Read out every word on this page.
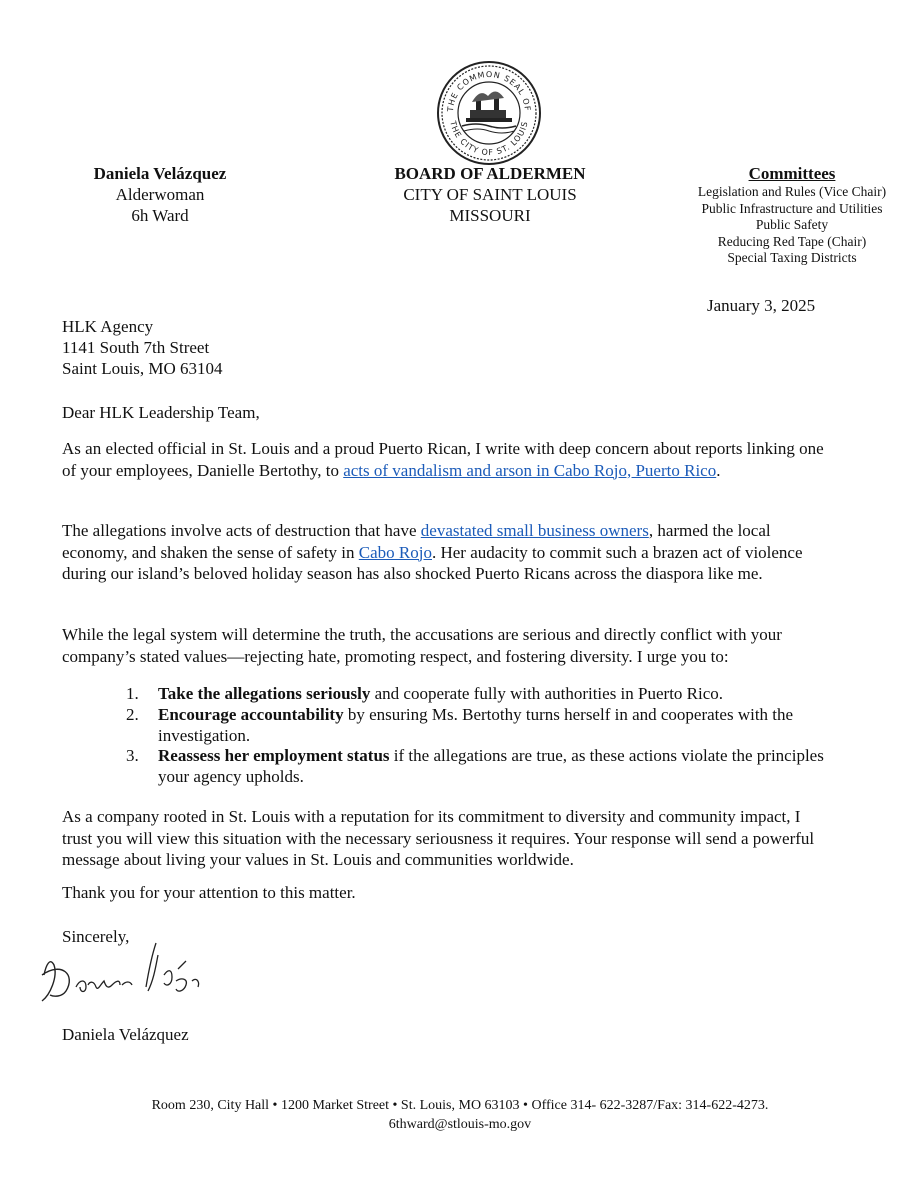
THE COMMON SEAL OF
THE CITY OF ST. LOUIS
Daniela Velázquez
Alderwoman
6h Ward
BOARD OF ALDERMEN
CITY OF SAINT LOUIS
MISSOURI
Committees
Legislation and Rules (Vice Chair)
Public Infrastructure and Utilities
Public Safety
Reducing Red Tape (Chair)
Special Taxing Districts
January 3, 2025
HLK Agency
1141 South 7th Street
Saint Louis, MO 63104
Dear HLK Leadership Team,
As an elected official in St. Louis and a proud Puerto Rican, I write with deep concern about reports linking one of your employees, Danielle Bertothy, to acts of vandalism and arson in Cabo Rojo, Puerto Rico.
The allegations involve acts of destruction that have devastated small business owners, harmed the local economy, and shaken the sense of safety in Cabo Rojo. Her audacity to commit such a brazen act of violence during our island’s beloved holiday season has also shocked Puerto Ricans across the diaspora like me.
While the legal system will determine the truth, the accusations are serious and directly conflict with your company’s stated values—rejecting hate, promoting respect, and fostering diversity. I urge you to:
1.	Take the allegations seriously and cooperate fully with authorities in Puerto Rico.
2.	Encourage accountability by ensuring Ms. Bertothy turns herself in and cooperates with the investigation.
3.	Reassess her employment status if the allegations are true, as these actions violate the principles your agency upholds.
As a company rooted in St. Louis with a reputation for its commitment to diversity and community impact, I trust you will view this situation with the necessary seriousness it requires. Your response will send a powerful message about living your values in St. Louis and communities worldwide.
Thank you for your attention to this matter.
Sincerely,
Daniela Velázquez
Room 230, City Hall • 1200 Market Street • St. Louis, MO 63103 • Office 314- 622-3287/Fax: 314-622-4273.
6thward@stlouis-mo.gov
